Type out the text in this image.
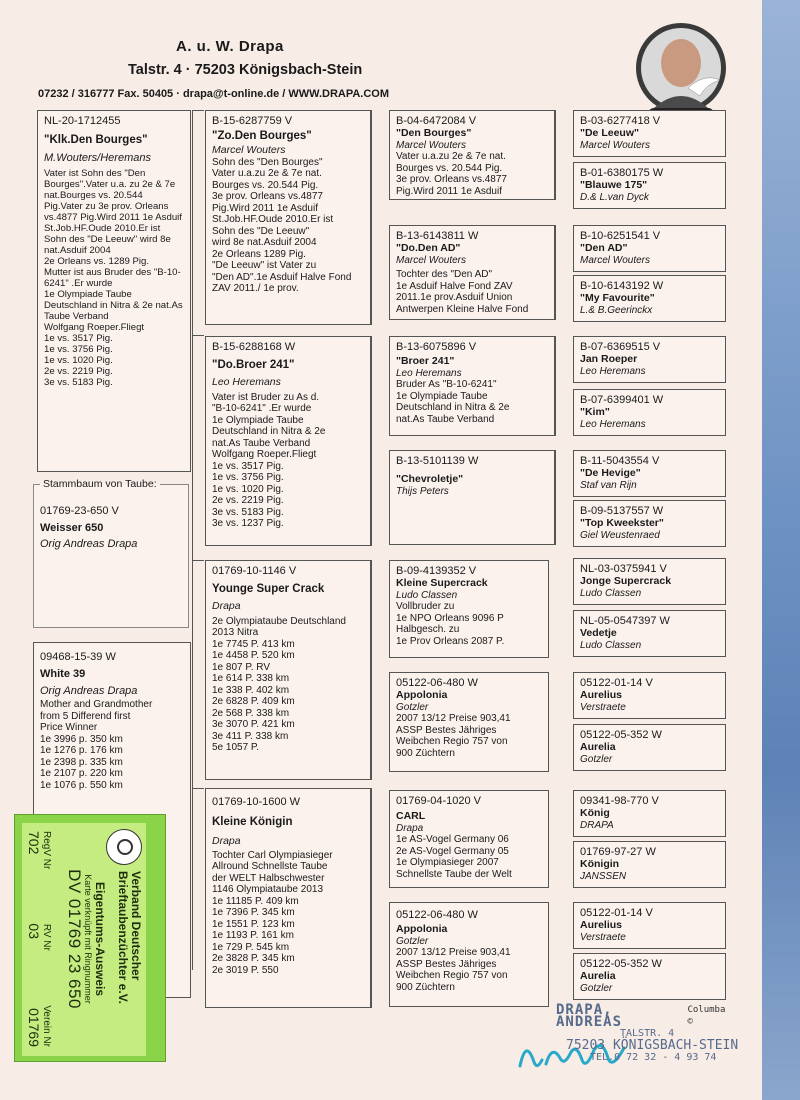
A. u. W. Drapa
Talstr. 4 · 75203 Königsbach-Stein
07232 / 316777 Fax. 50405 · drapa@t-online.de / WWW.DRAPA.COM
NL-20-1712455
"Klk.Den Bourges"
M.Wouters/Heremans
Vater ist Sohn des "Den Bourges".Vater u.a. zu 2e & 7e nat.Bourges vs. 20.544 Pig.Vater zu 3e prov. Orleans vs.4877 Pig.Wird 2011 1e Asduif St.Job.HF.Oude 2010.Er ist Sohn des "De Leeuw" wird 8e nat.Asduif 2004
2e Orleans vs. 1289 Pig.
Mutter ist aus Bruder des "B-10-6241" .Er wurde
1e Olympiade Taube Deutschland in Nitra & 2e nat.As Taube Verband
Wolfgang Roeper.Fliegt
1e vs. 3517 Pig.
1e vs. 3756 Pig.
1e vs. 1020 Pig.
2e vs. 2219 Pig.
3e vs. 5183 Pig.
Stammbaum von Taube:
01769-23-650 V
Weisser 650
Orig Andreas Drapa
09468-15-39 W
White 39
Orig Andreas Drapa
Mother and Grandmother
from 5 Differend first
Price Winner
1e 3996 p. 350 km
1e 1276 p. 176 km
1e 2398 p. 335 km
1e 2107 p. 220 km
1e 1076 p. 550 km
B-15-6287759 V
"Zo.Den Bourges"
Marcel Wouters
Sohn des "Den Bourges"
Vater u.a.zu 2e & 7e nat.
Bourges vs. 20.544 Pig.
3e prov. Orleans vs.4877
Pig.Wird 2011 1e Asduif
St.Job.HF.Oude 2010.Er ist
Sohn des "De Leeuw"
wird 8e nat.Asduif 2004
2e Orleans 1289 Pig.
"De Leeuw" ist Vater zu
"Den AD".1e Asduif Halve Fond
ZAV 2011./ 1e prov.
B-15-6288168 W
"Do.Broer 241"
Leo Heremans
Vater ist Bruder zu As d.
"B-10-6241" .Er wurde
1e Olympiade Taube
Deutschland in Nitra & 2e
nat.As Taube Verband
Wolfgang Roeper.Fliegt
1e vs. 3517 Pig.
1e vs. 3756 Pig.
1e vs. 1020 Pig.
2e vs. 2219 Pig.
3e vs. 5183 Pig.
3e vs. 1237 Pig.
01769-10-1146 V
Younge Super Crack
Drapa
2e Olympiataube Deutschland
2013 Nitra
1e 7745 P. 413 km
1e 4458 P. 520 km
1e 807 P. RV
1e 614 P. 338 km
1e 338 P. 402 km
2e 6828 P. 409 km
2e 568 P. 338 km
3e 3070 P. 421 km
3e 411 P. 338 km
5e 1057 P.
01769-10-1600 W
Kleine Königin
Drapa
Tochter Carl Olympiasieger
Allround Schnellste Taube
der WELT Halbschwester
1146 Olympiataube 2013
1e 11185 P. 409 km
1e 7396 P. 345 km
1e 1551 P. 123 km
1e 1193 P. 161 km
1e 729 P. 545 km
2e 3828 P. 345 km
2e 3019 P. 550
B-04-6472084 V
"Den Bourges"
Marcel Wouters
Vater u.a.zu 2e & 7e nat.
Bourges vs. 20.544 Pig.
3e prov. Orleans vs.4877
Pig.Wird 2011 1e Asduif
B-13-6143811 W
"Do.Den AD"
Marcel Wouters
Tochter des "Den AD"
1e Asduif Halve Fond ZAV
2011.1e prov.Asduif Union
Antwerpen Kleine Halve Fond
B-13-6075896 V
"Broer 241"
Leo Heremans
Bruder As "B-10-6241"
1e Olympiade Taube
Deutschland in Nitra & 2e
nat.As Taube Verband
B-13-5101139 W
"Chevroletje"
Thijs Peters
B-09-4139352 V
Kleine Supercrack
Ludo Classen
Vollbruder zu
1e NPO Orleans 9096 P
Halbgesch. zu
1e Prov Orleans 2087 P.
05122-06-480 W
Appolonia
Gotzler
2007 13/12 Preise 903,41
ASSP Bestes Jähriges
Weibchen Regio 757 von
900 Züchtern
01769-04-1020 V
CARL
Drapa
1e AS-Vogel Germany 06
2e AS-Vogel Germany 05
1e Olympiasieger 2007
Schnellste Taube der Welt
05122-06-480 W
Appolonia
Gotzler
2007 13/12 Preise 903,41
ASSP Bestes Jähriges
Weibchen Regio 757 von
900 Züchtern
B-03-6277418 V
"De Leeuw"
Marcel Wouters
B-01-6380175 W
"Blauwe 175"
D.& L.van Dyck
B-10-6251541 V
"Den AD"
Marcel Wouters
B-10-6143192 W
"My Favourite"
L.& B.Geerinckx
B-07-6369515 V
Jan Roeper
Leo Heremans
B-07-6399401 W
"Kim"
Leo Heremans
B-11-5043554 V
"De Hevige"
Staf van Rijn
B-09-5137557 W
"Top Kweekster"
Giel Weustenraed
NL-03-0375941 V
Jonge Supercrack
Ludo Classen
NL-05-0547397 W
Vedetje
Ludo Classen
05122-01-14 V
Aurelius
Verstraete
05122-05-352 W
Aurelia
Gotzler
09341-98-770 V
König
DRAPA
01769-97-27 W
Königin
JANSSEN
05122-01-14 V
Aurelius
Verstraete
05122-05-352 W
Aurelia
Gotzler
Verband Deutscher
Brieftaubenzüchter e.V.
Eigentums-Ausweis
Karte verknüpft mit Ringnummer
DV 01769 23 650
RegV Nr
RV Nr
Verein Nr
702
03
01769	DRAPA, ANDREAS
Columba ©
TALSTR. 4
75203 KÖNIGSBACH-STEIN
TEL.0 72 32 - 4 93 74
